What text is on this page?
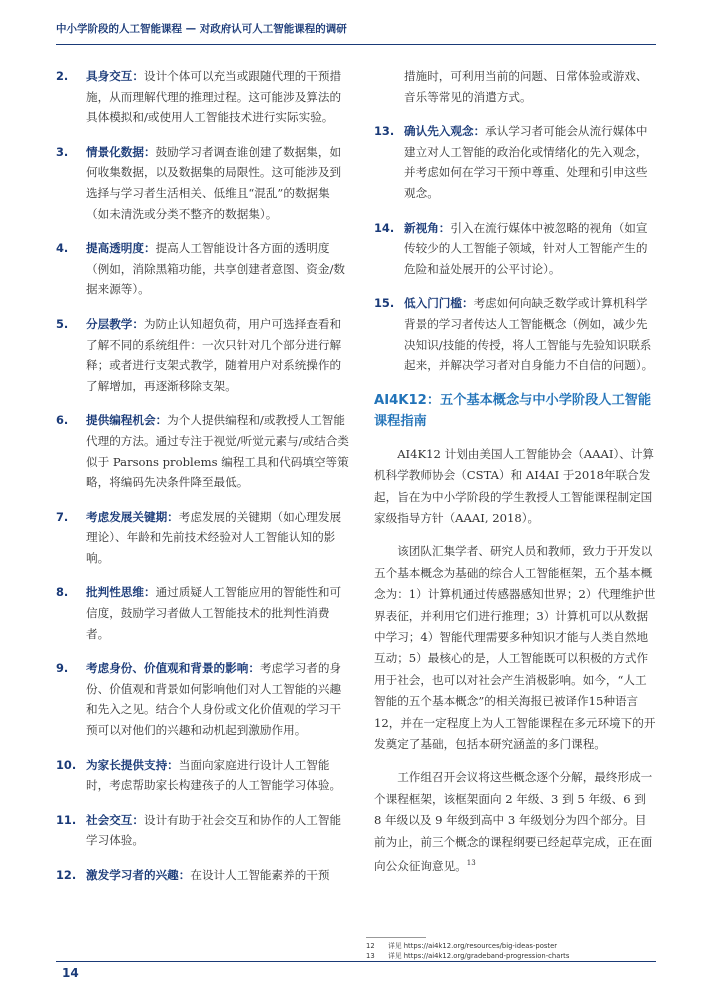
中小学阶段的人工智能课程 — 对政府认可人工智能课程的调研
2. 具身交互：设计个体可以充当或跟随代理的干预措施，从而理解代理的推理过程。这可能涉及算法的具体模拟和/或使用人工智能技术进行实际实验。
3. 情景化数据：鼓励学习者调查谁创建了数据集，如何收集数据，以及数据集的局限性。这可能涉及到选择与学习者生活相关、低维且“混乱”的数据集（如未清洗或分类不整齐的数据集）。
4. 提高透明度：提高人工智能设计各方面的透明度（例如，消除黑箱功能，共享创建者意图、资金/数据来源等）。
5. 分层教学：为防止认知超负荷，用户可选择查看和了解不同的系统组件：一次只针对几个部分进行解释；或者进行支架式教学，随着用户对系统操作的了解增加，再逐渐移除支架。
6. 提供编程机会：为个人提供编程和/或教授人工智能代理的方法。通过专注于视觉/听觉元素与/或结合类似于 Parsons problems 编程工具和代码填空等策略，将编码先决条件降至最低。
7. 考虑发展关键期：考虑发展的关键期（如心理发展理论）、年龄和先前技术经验对人工智能认知的影响。
8. 批判性思维：通过质疑人工智能应用的智能性和可信度，鼓励学习者做人工智能技术的批判性消费者。
9. 考虑身份、价值观和背景的影响：考虑学习者的身份、价值观和背景如何影响他们对人工智能的兴趣和先入之见。结合个人身份或文化价值观的学习干预可以对他们的兴趣和动机起到激励作用。
10. 为家长提供支持：当面向家庭进行设计人工智能时，考虑帮助家长构建孩子的人工智能学习体验。
11. 社会交互：设计有助于社会交互和协作的人工智能学习体验。
12. 激发学习者的兴趣：在设计人工智能素养的干预
措施时，可利用当前的问题、日常体验或游戏、音乐等常见的消遣方式。
13. 确认先入观念：承认学习者可能会从流行媒体中建立对人工智能的政治化或情绪化的先入观念，并考虑如何在学习干预中尊重、处理和引申这些观念。
14. 新视角：引入在流行媒体中被忽略的视角（如宣传较少的人工智能子领域，针对人工智能产生的危险和益处展开的公平讨论）。
15. 低入门门槛：考虑如何向缺乏数学或计算机科学背景的学习者传达人工智能概念（例如，减少先决知识/技能的传授，将人工智能与先验知识联系起来，并解决学习者对自身能力不自信的问题）。
AI4K12：五个基本概念与中小学阶段人工智能课程指南

AI4K12 计划由美国人工智能协会（AAAI）、计算机科学教师协会（CSTA）和 AI4AI 于2018年联合发起，旨在为中小学阶段的学生教授人工智能课程制定国家级指导方针（AAAI, 2018）。

该团队汇集学者、研究人员和教师，致力于开发以五个基本概念为基础的综合人工智能框架，五个基本概念为：1）计算机通过传感器感知世界；2）代理维护世界表征，并利用它们进行推理；3）计算机可以从数据中学习；4）智能代理需要多种知识才能与人类自然地互动；5）最核心的是，人工智能既可以积极的方式作用于社会，也可以对社会产生消极影响。如今，“人工智能的五个基本概念”的相关海报已被译作15种语言12，并在一定程度上为人工智能课程在多元环境下的开发奠定了基础，包括本研究涵盖的多门课程。

工作组召开会议将这些概念逐个分解，最终形成一个课程框架，该框架面向 2 年级、3 到 5 年级、6 到 8 年级以及 9 年级到高中 3 年级划分为四个部分。目前为止，前三个概念的课程纲要已经起草完成，正在面向公众征询意见。$^{13}$

12 详见 https://ai4k12.org/resources/big-ideas-poster
13 详见 https://ai4k12.org/gradeband-progression-charts
14
